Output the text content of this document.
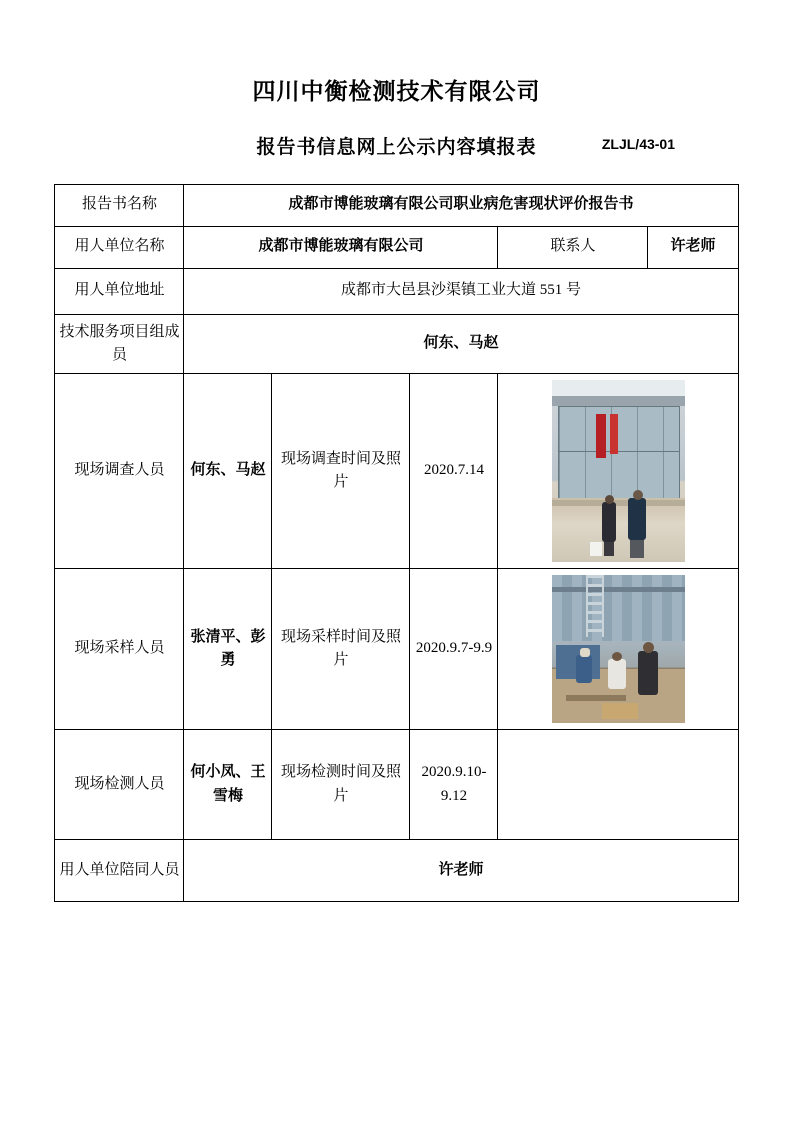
四川中衡检测技术有限公司
报告书信息网上公示内容填报表	ZLJL/43-01
报告书名称	成都市博能玻璃有限公司职业病危害现状评价报告书				
用人单位名称	成都市博能玻璃有限公司			联系人	许老师
用人单位地址	成都市大邑县沙渠镇工业大道 551 号				
技术服务项目组成员	何东、马赵				
现场调查人员	何东、马赵	现场调查时间及照片	2020.7.14		

现场采样人员	张清平、彭勇	现场采样时间及照片	2020.9.7-9.9		

现场检测人员	何小凤、王雪梅	现场检测时间及照片	2020.9.10-9.12		
用人单位陪同人员	许老师				
